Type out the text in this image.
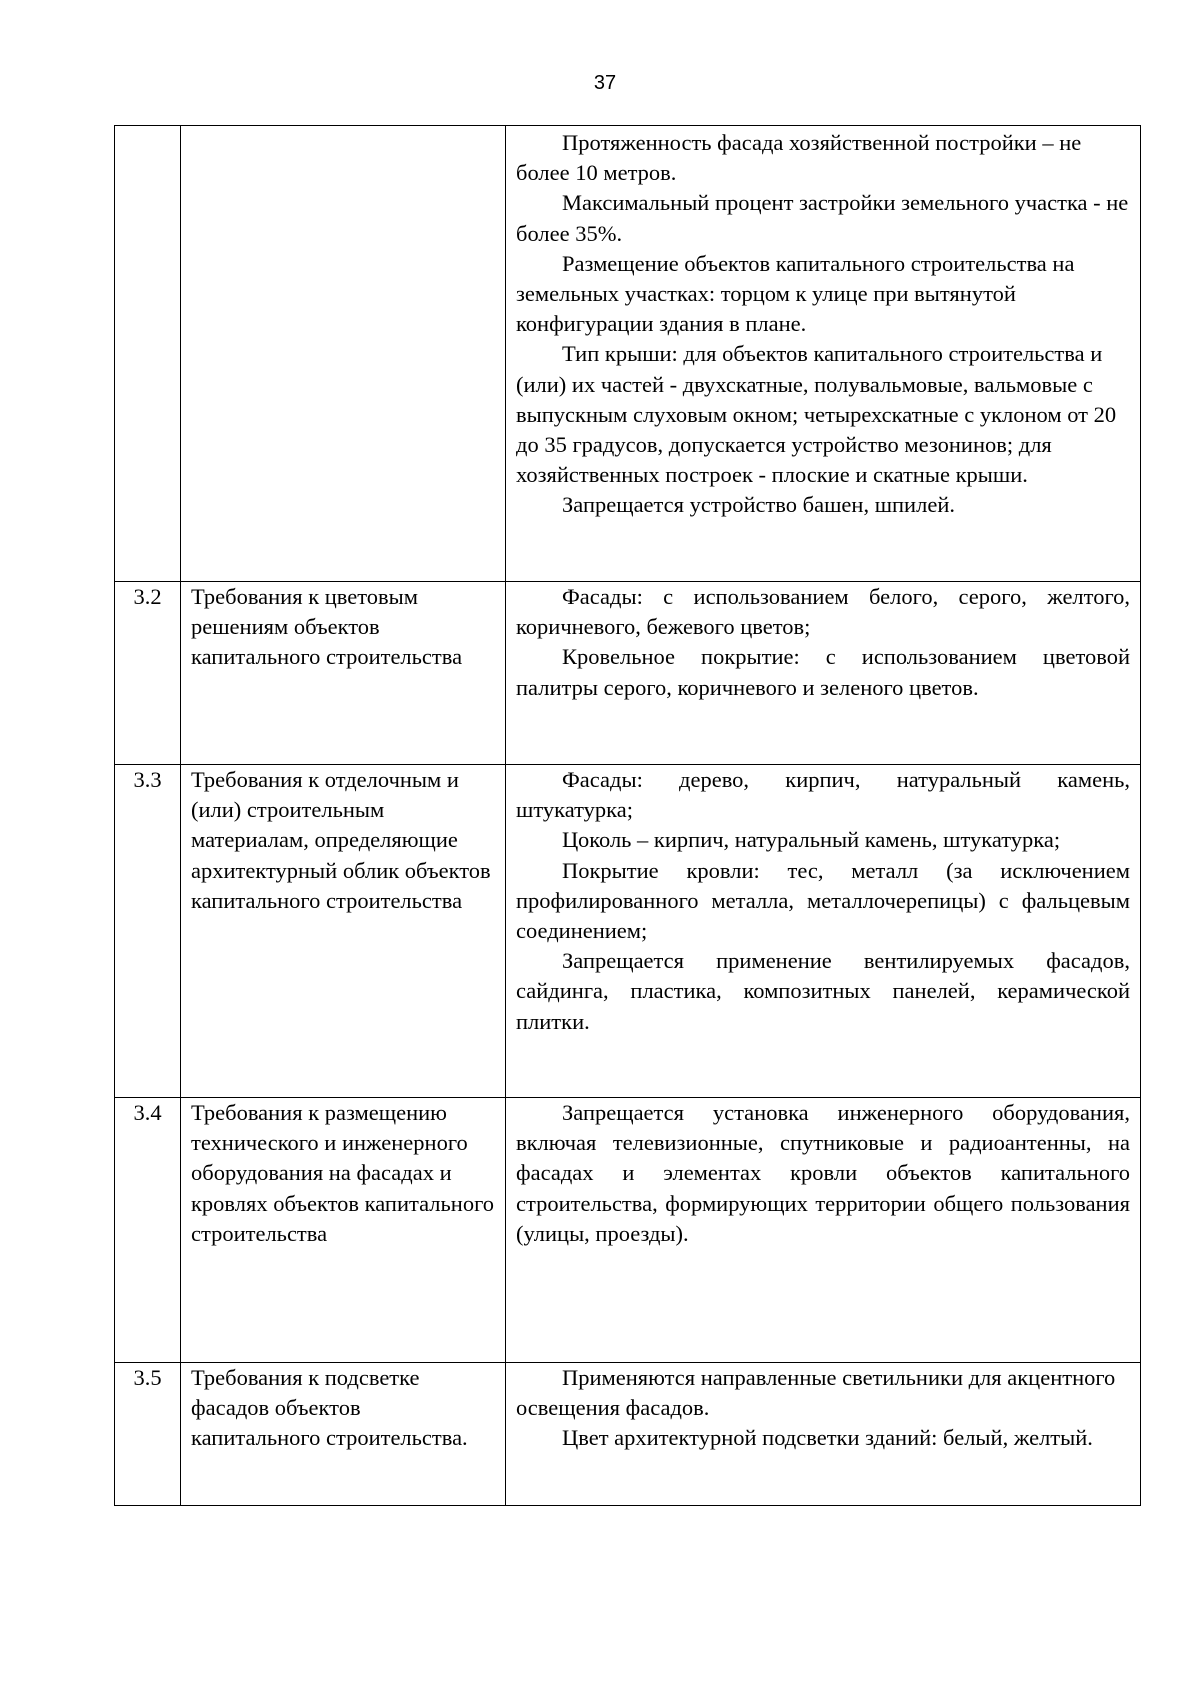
37

		Протяженность фасада хозяйственной постройки – не более 10 метров.

Максимальный процент застройки земельного участка - не более 35%.

Размещение объектов капитального строительства на земельных участках: торцом к улице при вытянутой конфигурации здания в плане.

Тип крыши: для объектов капитального строительства и (или) их частей - двухскатные, полувальмовые, вальмовые с выпускным слуховым окном; четырехскатные с уклоном от 20 до 35 градусов, допускается устройство мезонинов; для хозяйственных построек - плоские и скатные крыши.

Запрещается устройство башен, шпилей.

3.2	Требования к цветовым решениям объектов капитального строительства	Фасады: с использованием белого, серого, желтого, коричневого, бежевого цветов;

Кровельное покрытие: с использованием цветовой палитры серого, коричневого и зеленого цветов.

3.3	Требования к отделочным и (или) строительным материалам, определяющие архитектурный облик объектов капитального строительства	Фасады: дерево, кирпич, натуральный камень, штукатурка;

Цоколь – кирпич, натуральный камень, штукатурка;

Покрытие кровли: тес, металл (за исключением профилированного металла, металлочерепицы) с фальцевым соединением;

Запрещается применение вентилируемых фасадов, сайдинга, пластика, композитных панелей, керамической плитки.

3.4	Требования к размещению технического и инженерного оборудования на фасадах и кровлях объектов капитального строительства	Запрещается установка инженерного оборудования, включая телевизионные, спутниковые и радиоантенны, на фасадах и элементах кровли объектов капитального строительства, формирующих территории общего пользования (улицы, проезды).

3.5	Требования к подсветке фасадов объектов капитального строительства.	Применяются направленные светильники для акцентного освещения фасадов.

Цвет архитектурной подсветки зданий: белый, желтый.
